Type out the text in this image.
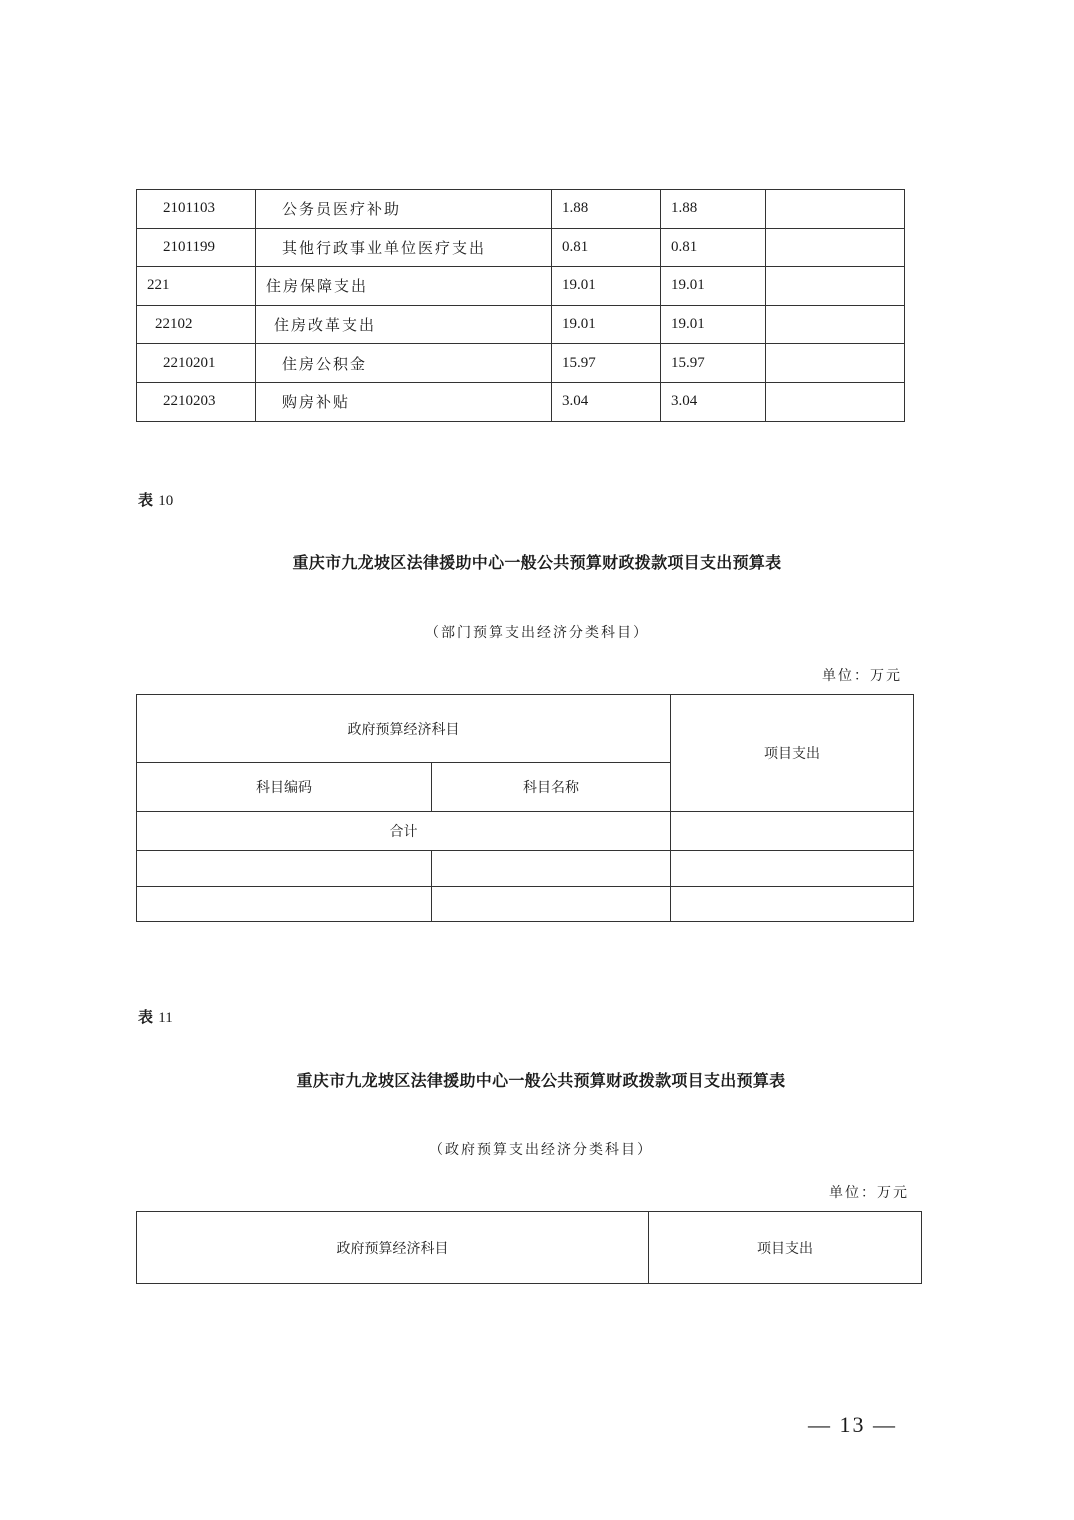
2101103	公务员医疗补助	1.88	1.88	
2101199	其他行政事业单位医疗支出	0.81	0.81	
221	住房保障支出	19.01	19.01	
22102	住房改革支出	19.01	19.01	
2210201	住房公积金	15.97	15.97	
2210203	购房补贴	3.04	3.04	
表 10
重庆市九龙坡区法律援助中心一般公共预算财政拨款项目支出预算表
（部门预算支出经济分类科目）
单位：万元
政府预算经济科目		项目支出
科目编码	科目名称	
合计		

表 11
重庆市九龙坡区法律援助中心一般公共预算财政拨款项目支出预算表
（政府预算支出经济分类科目）
单位：万元
政府预算经济科目	项目支出
— 13 —
